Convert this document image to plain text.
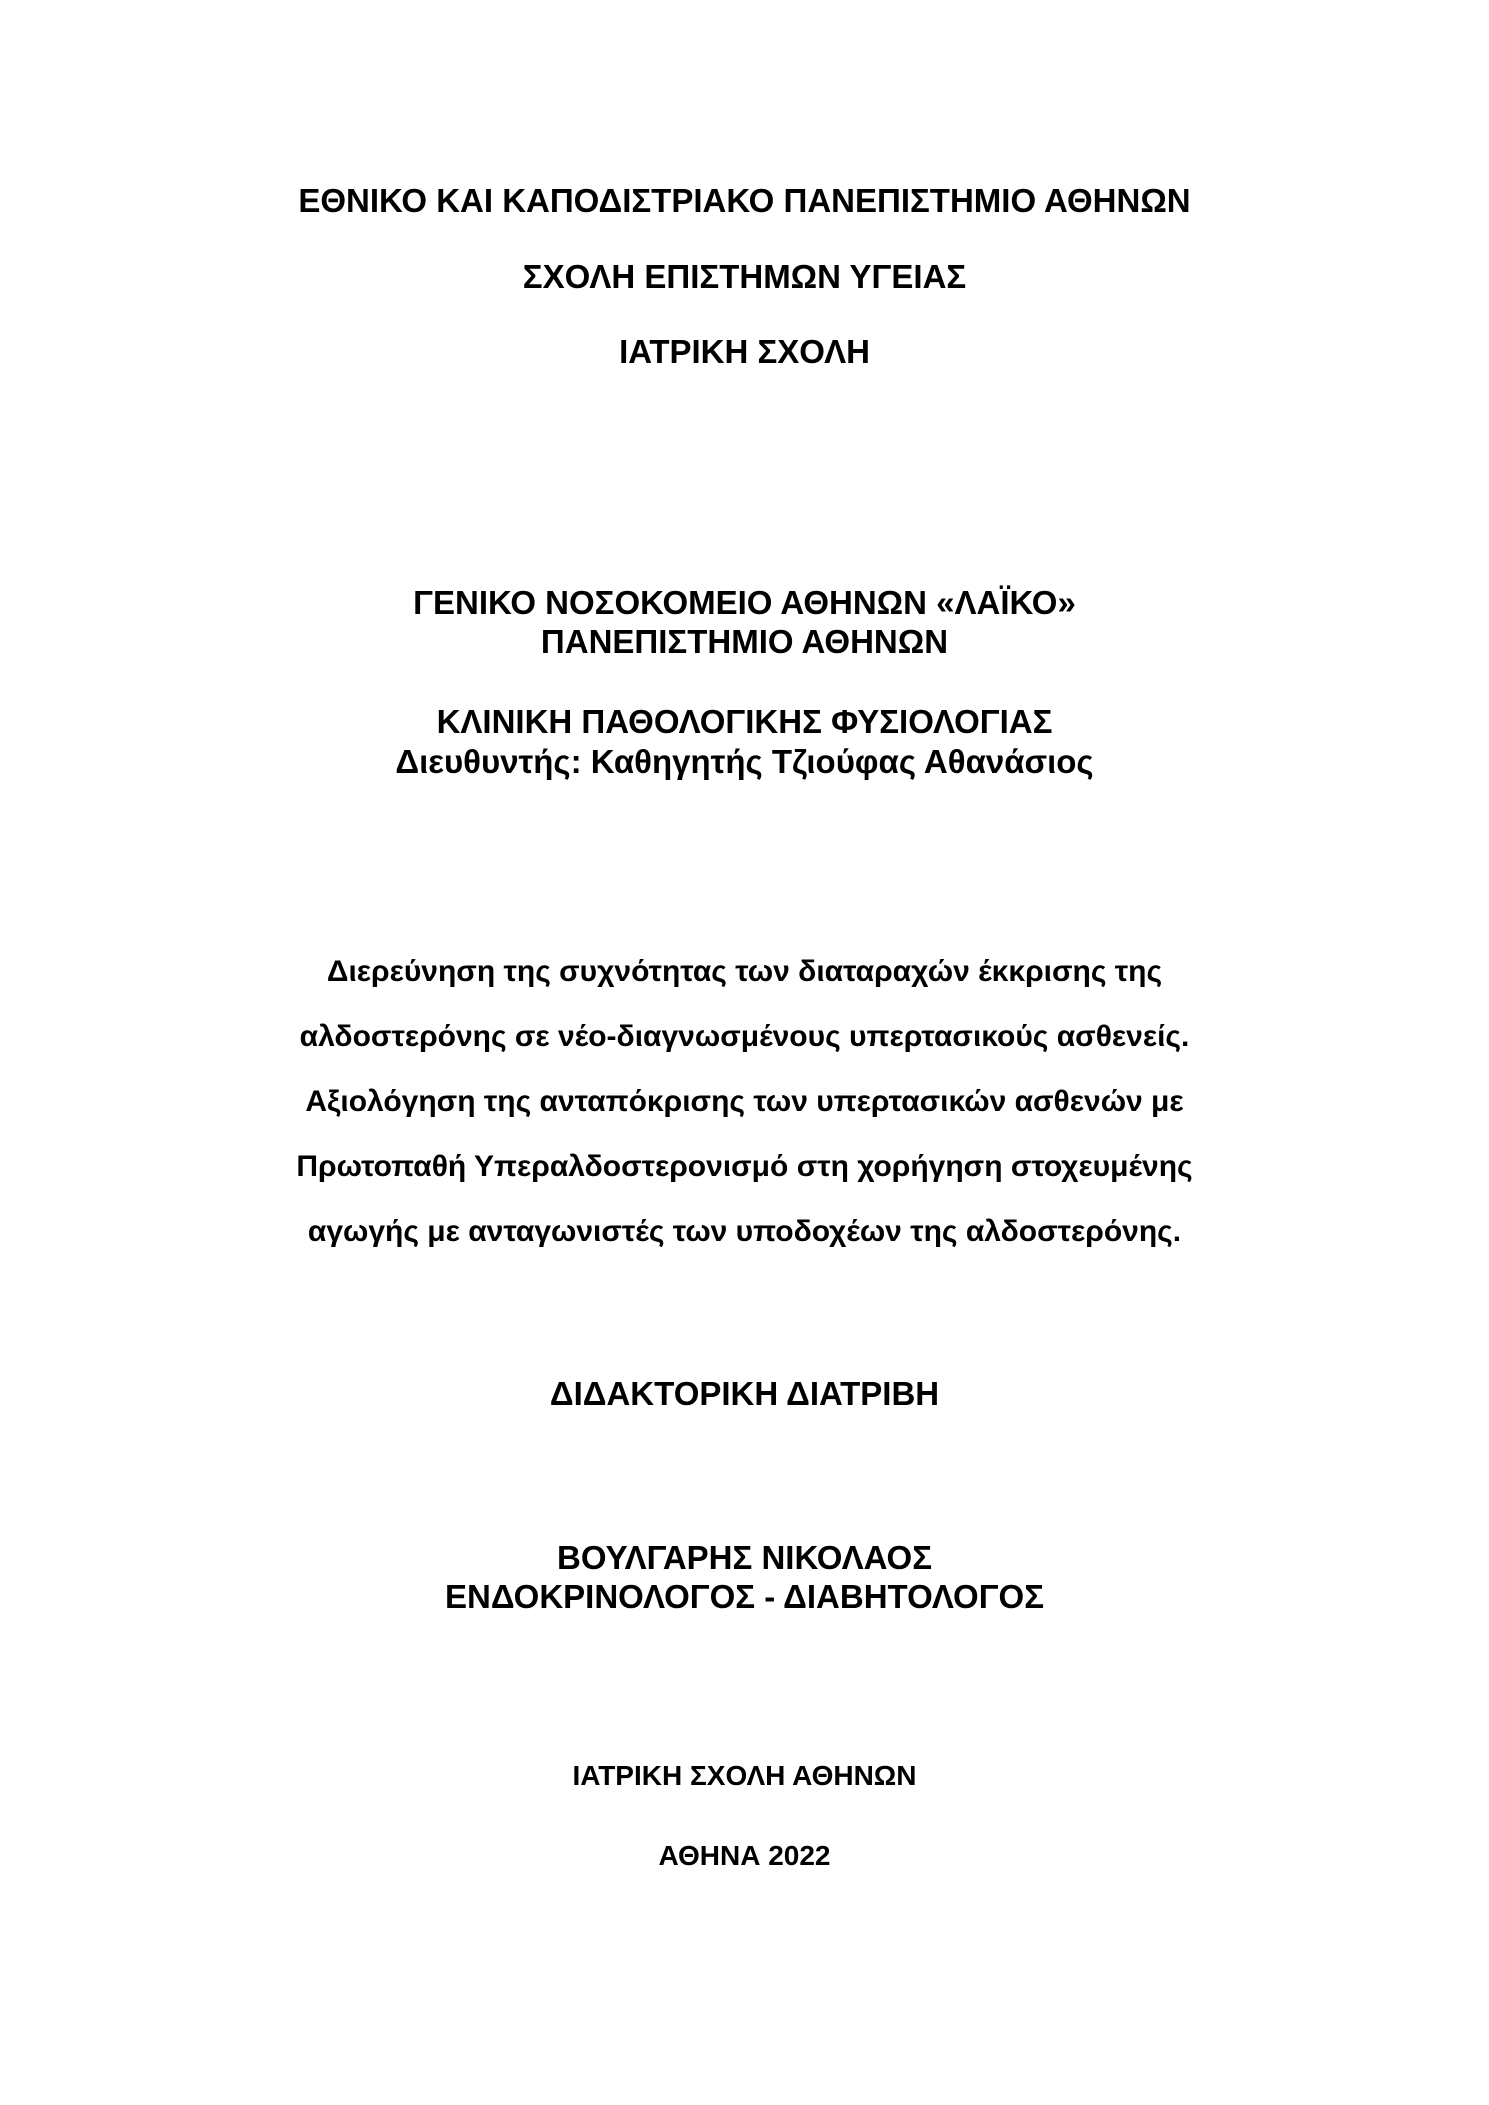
ΕΘΝΙΚΟ ΚΑΙ ΚΑΠΟΔΙΣΤΡΙΑΚΟ ΠΑΝΕΠΙΣΤΗΜΙΟ ΑΘΗΝΩΝ
ΣΧΟΛΗ ΕΠΙΣΤΗΜΩΝ ΥΓΕΙΑΣ
ΙΑΤΡΙΚΗ ΣΧΟΛΗ
ΓΕΝΙΚΟ ΝΟΣΟΚΟΜΕΙΟ ΑΘΗΝΩΝ «ΛΑΪΚΟ»
ΠΑΝΕΠΙΣΤΗΜΙΟ ΑΘΗΝΩΝ
ΚΛΙΝΙΚΗ ΠΑΘΟΛΟΓΙΚΗΣ ΦΥΣΙΟΛΟΓΙΑΣ
Διευθυντής: Καθηγητής Τζιούφας Αθανάσιος
Διερεύνηση της συχνότητας των διαταραχών έκκρισης της
αλδοστερόνης σε νέο-διαγνωσμένους υπερτασικούς ασθενείς.
Αξιολόγηση της ανταπόκρισης των υπερτασικών ασθενών με
Πρωτοπαθή Υπεραλδοστερονισμό στη χορήγηση στοχευμένης
αγωγής με ανταγωνιστές των υποδοχέων της αλδοστερόνης.
ΔΙΔΑΚΤΟΡΙΚΗ ΔΙΑΤΡΙΒΗ
ΒΟΥΛΓΑΡΗΣ ΝΙΚΟΛΑΟΣ
ΕΝΔΟΚΡΙΝΟΛΟΓΟΣ - ΔΙΑΒΗΤΟΛΟΓΟΣ
ΙΑΤΡΙΚΗ ΣΧΟΛΗ ΑΘΗΝΩΝ
ΑΘΗΝΑ 2022
